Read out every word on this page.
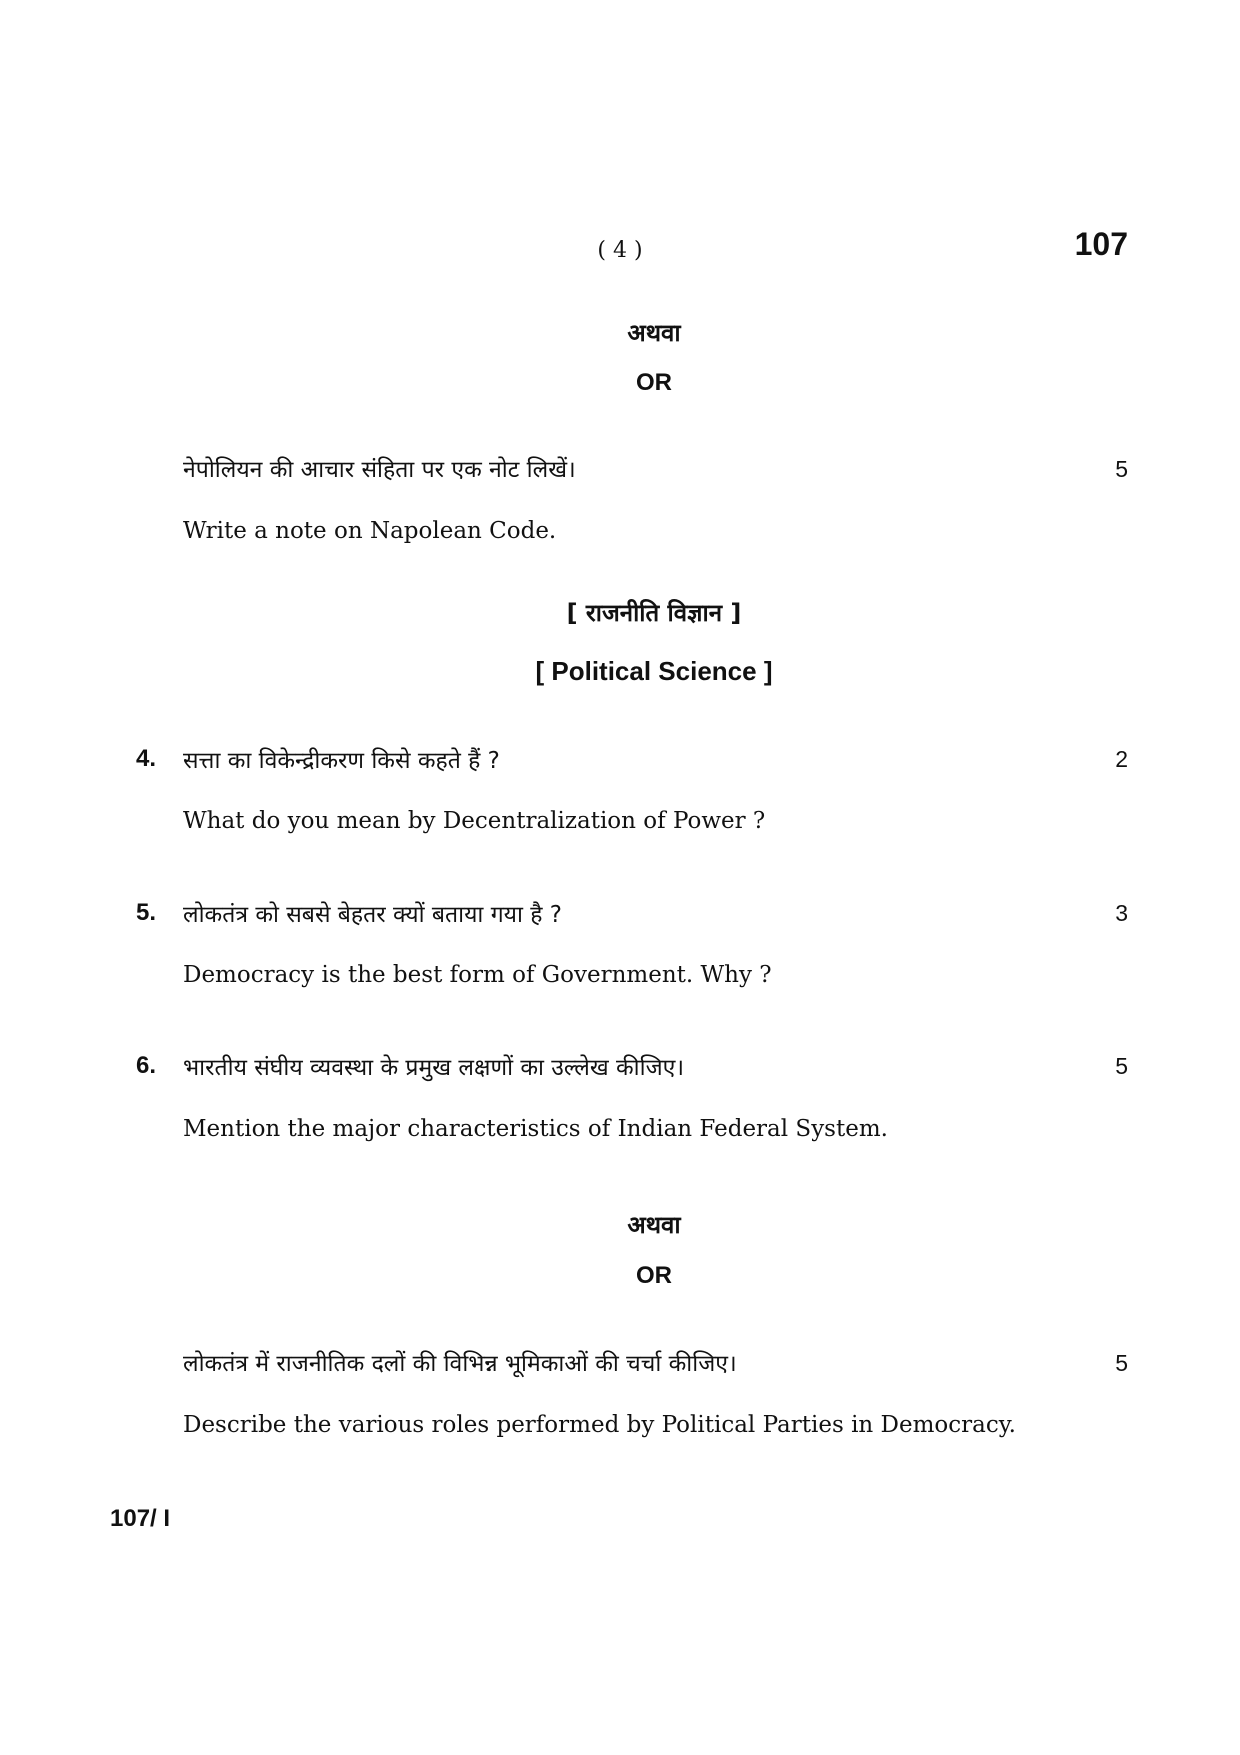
( 4 )	107
अथवा
OR
नेपोलियन की आचार संहिता पर एक नोट लिखें।	5
Write a note on Napolean Code.
[ राजनीति विज्ञान ]
[ Political Science ]
4. सत्ता का विकेन्द्रीकरण किसे कहते हैं ?	2
What do you mean by Decentralization of Power ?
5. लोकतंत्र को सबसे बेहतर क्यों बताया गया है ?	3
Democracy is the best form of Government. Why ?
6. भारतीय संघीय व्यवस्था के प्रमुख लक्षणों का उल्लेख कीजिए।	5
Mention the major characteristics of Indian Federal System.
अथवा
OR
लोकतंत्र में राजनीतिक दलों की विभिन्न भूमिकाओं की चर्चा कीजिए।	5
Describe the various roles performed by Political Parties in Democracy.
107/ I
